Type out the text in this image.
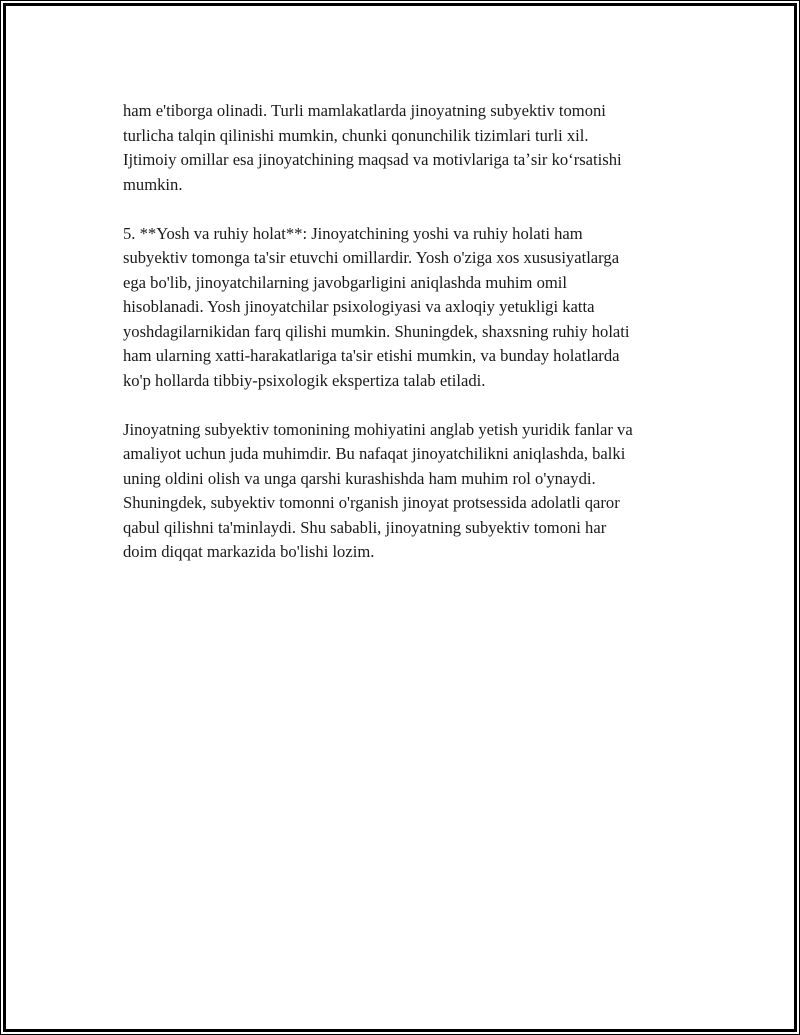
ham e'tiborga olinadi. Turli mamlakatlarda jinoyatning subyektiv tomoni
turlicha talqin qilinishi mumkin, chunki qonunchilik tizimlari turli xil.
Ijtimoiy omillar esa jinoyatchining maqsad va motivlariga taʼsir koʻrsatishi
mumkin.

5. **Yosh va ruhiy holat**: Jinoyatchining yoshi va ruhiy holati ham
subyektiv tomonga ta'sir etuvchi omillardir. Yosh o'ziga xos xususiyatlarga
ega bo'lib, jinoyatchilarning javobgarligini aniqlashda muhim omil
hisoblanadi. Yosh jinoyatchilar psixologiyasi va axloqiy yetukligi katta
yoshdagilarnikidan farq qilishi mumkin. Shuningdek, shaxsning ruhiy holati
ham ularning xatti-harakatlariga ta'sir etishi mumkin, va bunday holatlarda
ko'p hollarda tibbiy-psixologik ekspertiza talab etiladi.

Jinoyatning subyektiv tomonining mohiyatini anglab yetish yuridik fanlar va
amaliyot uchun juda muhimdir. Bu nafaqat jinoyatchilikni aniqlashda, balki
uning oldini olish va unga qarshi kurashishda ham muhim rol o'ynaydi.
Shuningdek, subyektiv tomonni o'rganish jinoyat protsessida adolatli qaror
qabul qilishni ta'minlaydi. Shu sababli, jinoyatning subyektiv tomoni har
doim diqqat markazida bo'lishi lozim.
